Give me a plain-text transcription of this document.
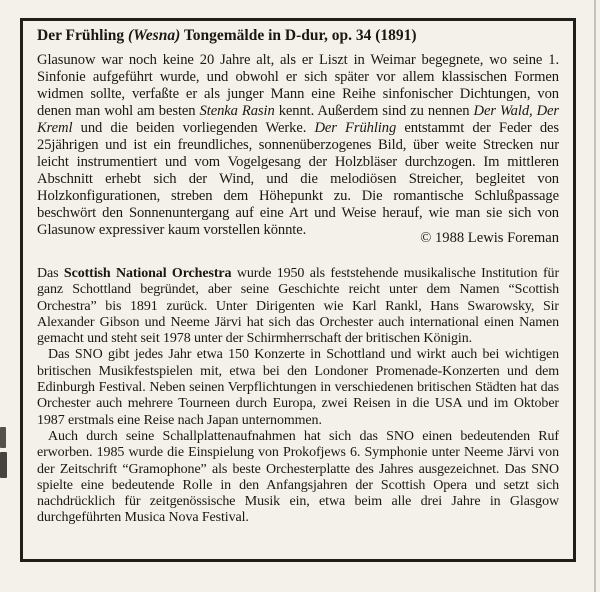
Der Frühling (Wesna) Tongemälde in D-dur, op. 34 (1891)

Glasunow war noch keine 20 Jahre alt, als er Liszt in Weimar begegnete, wo seine 1. Sinfonie aufgeführt wurde, und obwohl er sich später vor allem klassischen Formen widmen sollte, verfaßte er als junger Mann eine Reihe sinfonischer Dichtungen, von denen man wohl am besten Stenka Rasin kennt. Außerdem sind zu nennen Der Wald, Der Kreml und die beiden vorliegenden Werke. Der Frühling entstammt der Feder des 25jährigen und ist ein freundliches, sonnenüberzogenes Bild, über weite Strecken nur leicht instrumentiert und vom Vogelgesang der Holzbläser durchzogen. Im mittleren Abschnitt erhebt sich der Wind, und die melodiösen Streicher, begleitet von Holzkonfigurationen, streben dem Höhepunkt zu. Die romantische Schlußpassage beschwört den Sonnenuntergang auf eine Art und Weise herauf, wie man sie sich von Glasunow expressiver kaum vorstellen könnte.	© 1988 Lewis Foreman

Das Scottish National Orchestra wurde 1950 als feststehende musikalische Institution für ganz Schottland begründet, aber seine Geschichte reicht unter dem Namen “Scottish Orchestra” bis 1891 zurück. Unter Dirigenten wie Karl Rankl, Hans Swarowsky, Sir Alexander Gibson und Neeme Järvi hat sich das Orchester auch international einen Namen gemacht und steht seit 1978 unter der Schirmherrschaft der britischen Königin.

Das SNO gibt jedes Jahr etwa 150 Konzerte in Schottland und wirkt auch bei wichtigen britischen Musikfestspielen mit, etwa bei den Londoner Promenade-Konzerten und dem Edinburgh Festival. Neben seinen Verpflichtungen in verschiedenen britischen Städten hat das Orchester auch mehrere Tourneen durch Europa, zwei Reisen in die USA und im Oktober 1987 erstmals eine Reise nach Japan unternommen.

Auch durch seine Schallplattenaufnahmen hat sich das SNO einen bedeutenden Ruf erworben. 1985 wurde die Einspielung von Prokofjews 6. Symphonie unter Neeme Järvi von der Zeitschrift “Gramophone” als beste Orchesterplatte des Jahres ausgezeichnet. Das SNO spielte eine bedeutende Rolle in den Anfangsjahren der Scottish Opera und setzt sich nachdrücklich für zeitgenössische Musik ein, etwa beim alle drei Jahre in Glasgow durchgeführten Musica Nova Festival.
